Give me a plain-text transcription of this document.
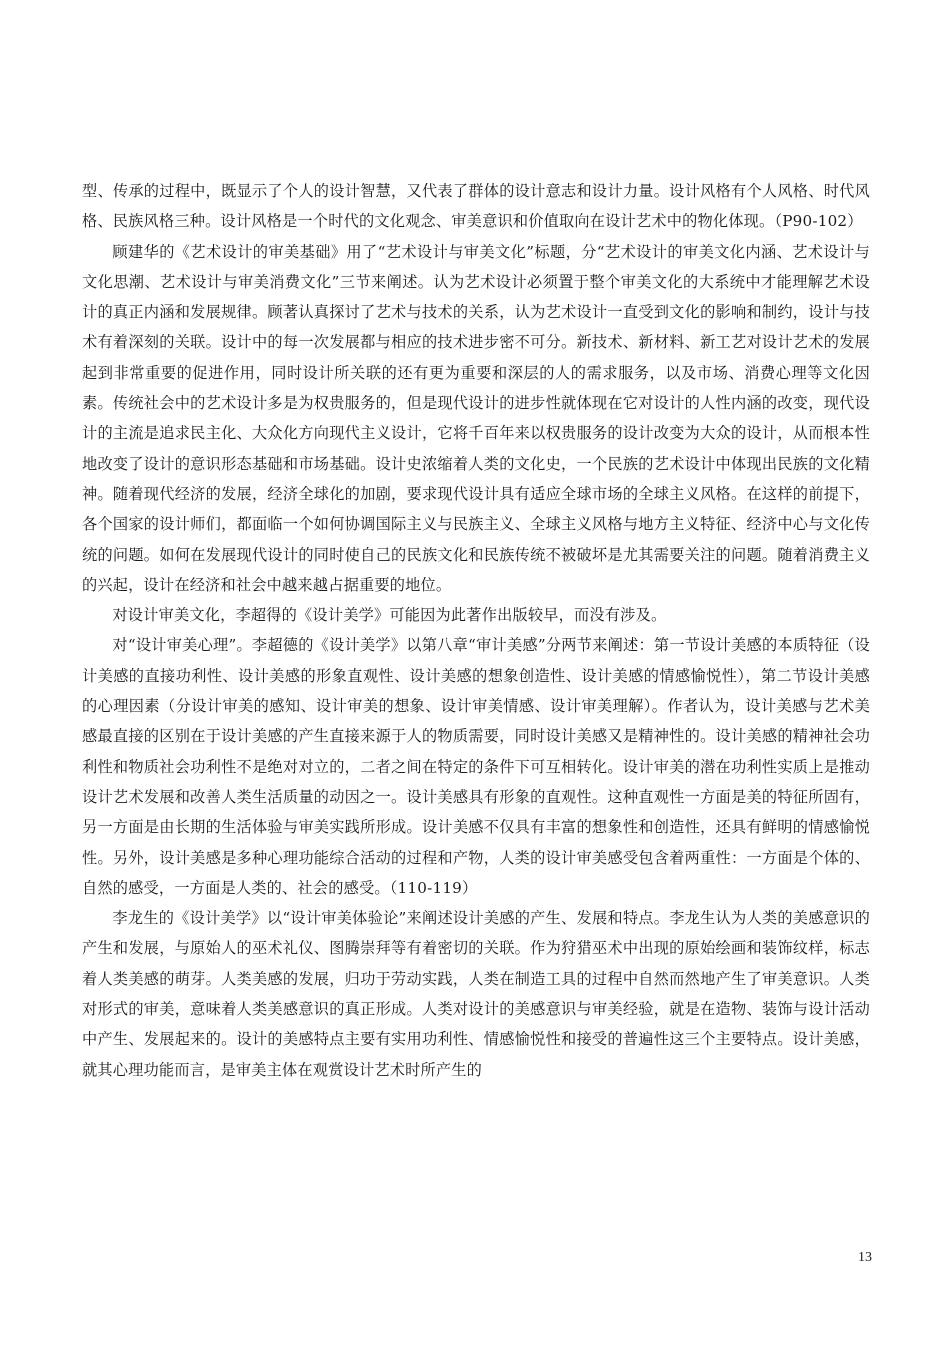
型、传承的过程中，既显示了个人的设计智慧，又代表了群体的设计意志和设计力量。设计风格有个人风格、时代风格、民族风格三种。设计风格是一个时代的文化观念、审美意识和价值取向在设计艺术中的物化体现。（P90-102）

顾建华的《艺术设计的审美基础》用了“艺术设计与审美文化”标题，分“艺术设计的审美文化内涵、艺术设计与文化思潮、艺术设计与审美消费文化”三节来阐述。认为艺术设计必须置于整个审美文化的大系统中才能理解艺术设计的真正内涵和发展规律。顾著认真探讨了艺术与技术的关系，认为艺术设计一直受到文化的影响和制约，设计与技术有着深刻的关联。设计中的每一次发展都与相应的技术进步密不可分。新技术、新材料、新工艺对设计艺术的发展起到非常重要的促进作用，同时设计所关联的还有更为重要和深层的人的需求服务，以及市场、消费心理等文化因素。传统社会中的艺术设计多是为权贵服务的，但是现代设计的进步性就体现在它对设计的人性内涵的改变，现代设计的主流是追求民主化、大众化方向现代主义设计，它将千百年来以权贵服务的设计改变为大众的设计，从而根本性地改变了设计的意识形态基础和市场基础。设计史浓缩着人类的文化史，一个民族的艺术设计中体现出民族的文化精神。随着现代经济的发展，经济全球化的加剧，要求现代设计具有适应全球市场的全球主义风格。在这样的前提下，各个国家的设计师们，都面临一个如何协调国际主义与民族主义、全球主义风格与地方主义特征、经济中心与文化传统的问题。如何在发展现代设计的同时使自己的民族文化和民族传统不被破坏是尤其需要关注的问题。随着消费主义的兴起，设计在经济和社会中越来越占据重要的地位。

对设计审美文化，李超得的《设计美学》可能因为此著作出版较早，而没有涉及。

对“设计审美心理”。李超德的《设计美学》以第八章“审计美感”分两节来阐述：第一节设计美感的本质特征（设计美感的直接功利性、设计美感的形象直观性、设计美感的想象创造性、设计美感的情感愉悦性），第二节设计美感的心理因素（分设计审美的感知、设计审美的想象、设计审美情感、设计审美理解）。作者认为，设计美感与艺术美感最直接的区别在于设计美感的产生直接来源于人的物质需要，同时设计美感又是精神性的。设计美感的精神社会功利性和物质社会功利性不是绝对对立的，二者之间在特定的条件下可互相转化。设计审美的潜在功利性实质上是推动设计艺术发展和改善人类生活质量的动因之一。设计美感具有形象的直观性。这种直观性一方面是美的特征所固有，另一方面是由长期的生活体验与审美实践所形成。设计美感不仅具有丰富的想象性和创造性，还具有鲜明的情感愉悦性。另外，设计美感是多种心理功能综合活动的过程和产物，人类的设计审美感受包含着两重性：一方面是个体的、自然的感受，一方面是人类的、社会的感受。（110-119）

李龙生的《设计美学》以“设计审美体验论”来阐述设计美感的产生、发展和特点。李龙生认为人类的美感意识的产生和发展，与原始人的巫术礼仪、图腾崇拜等有着密切的关联。作为狩猎巫术中出现的原始绘画和装饰纹样，标志着人类美感的萌芽。人类美感的发展，归功于劳动实践，人类在制造工具的过程中自然而然地产生了审美意识。人类对形式的审美，意味着人类美感意识的真正形成。人类对设计的美感意识与审美经验，就是在造物、装饰与设计活动中产生、发展起来的。设计的美感特点主要有实用功利性、情感愉悦性和接受的普遍性这三个主要特点。设计美感，就其心理功能而言，是审美主体在观赏设计艺术时所产生的

13
